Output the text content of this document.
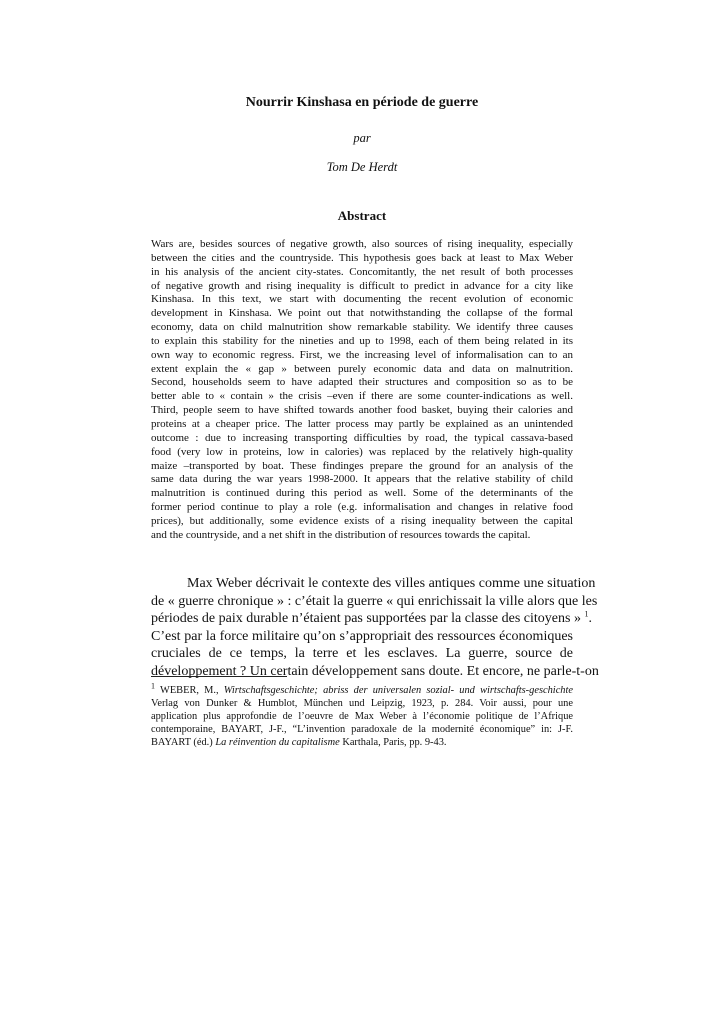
Nourrir Kinshasa en période de guerre
par
Tom De Herdt
Abstract
Wars are, besides sources of negative growth, also sources of rising inequality, especially
between the cities and the countryside. This hypothesis goes back at least to Max Weber
in his analysis of the ancient city-states. Concomitantly, the net result of both processes
of negative growth and rising inequality is difficult to predict in advance for a city like
Kinshasa. In this text, we start with documenting the recent evolution of economic
development in Kinshasa. We point out that notwithstanding the collapse of the formal
economy, data on child malnutrition show remarkable stability. We identify three causes
to explain this stability for the nineties and up to 1998, each of them being related in its
own way to economic regress. First, we the increasing level of informalisation can to an
extent explain the « gap » between purely economic data and data on malnutrition.
Second, households seem to have adapted their structures and composition so as to be
better able to « contain » the crisis –even if there are some counter-indications as well.
Third, people seem to have shifted towards another food basket, buying their calories and
proteins at a cheaper price. The latter process may partly be explained as an unintended
outcome : due to increasing transporting difficulties by road, the typical cassava-based
food (very low in proteins, low in calories) was replaced by the relatively high-quality
maize –transported by boat. These findinges prepare the ground for an analysis of the
same data during the war years 1998-2000. It appears that the relative stability of child
malnutrition is continued during this period as well. Some of the determinants of the
former period continue to play a role (e.g. informalisation and changes in relative food
prices), but additionally, some evidence exists of a rising inequality between the capital
and the countryside, and a net shift in the distribution of resources towards the capital.
Max Weber décrivait le contexte des villes antiques comme une situation
de « guerre chronique » : c’était la guerre « qui enrichissait la ville alors que les
périodes de paix durable n’étaient pas supportées par la classe des citoyens » $^1$.
C’est par la force militaire qu’on s’appropriait des ressources économiques
cruciales de ce temps, la terre et les esclaves. La guerre, source de
développement ? Un certain développement sans doute. Et encore, ne parle-t-on
$^1$ WEBER, M., Wirtschaftsgeschichte; abriss der universalen sozial- und wirtschafts-geschichte
Verlag von Dunker & Humblot, München und Leipzig, 1923, p. 284. Voir aussi, pour une
application plus approfondie de l’oeuvre de Max Weber à l’économie politique de l’Afrique
contemporaine, BAYART, J-F., “L’invention paradoxale de la modernité économique” in: J-F.
BAYART (éd.) La réinvention du capitalisme Karthala, Paris, pp. 9-43.
